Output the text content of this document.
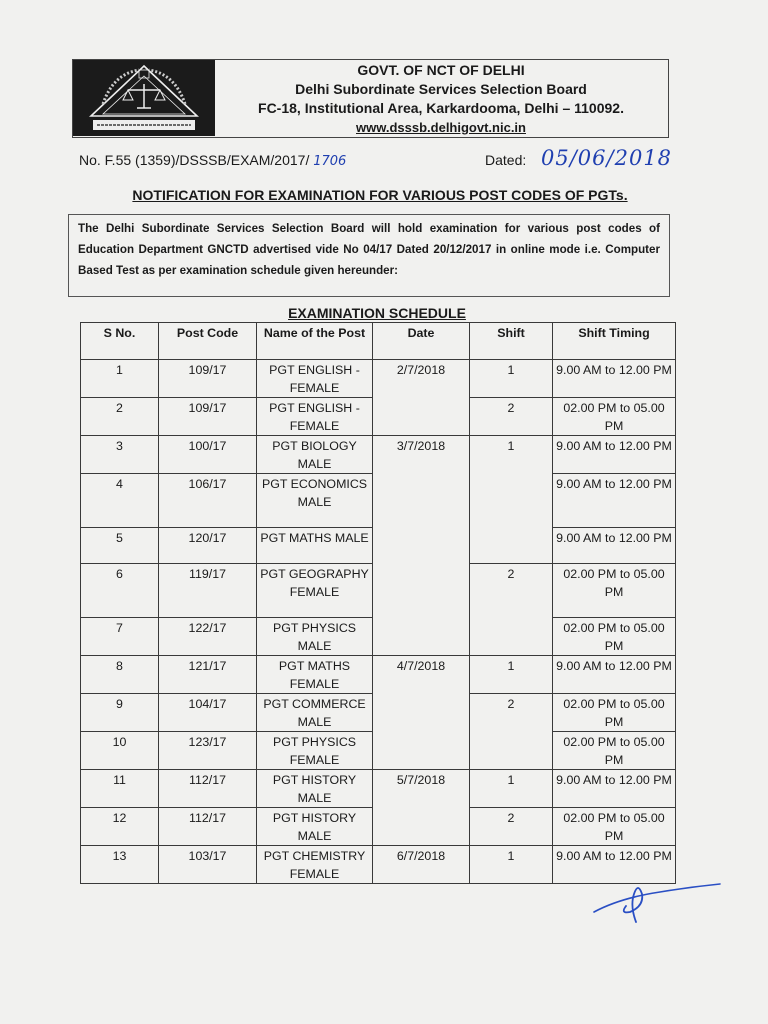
GOVT. OF NCT OF DELHI
Delhi Subordinate Services Selection Board
FC-18, Institutional Area, Karkardooma, Delhi – 110092.
www.dsssb.delhigovt.nic.in
No. F.55 (1359)/DSSSB/EXAM/2017/ 1706	Dated: 05/06/2018
NOTIFICATION FOR EXAMINATION FOR VARIOUS POST CODES OF PGTs.
The Delhi Subordinate Services Selection Board will hold examination for various post codes of Education Department GNCTD advertised vide No 04/17 Dated 20/12/2017 in online mode i.e. Computer Based Test as per examination schedule given hereunder:
EXAMINATION SCHEDULE
S No.	Post Code	Name of the Post	Date	Shift	Shift Timing
1	109/17	PGT ENGLISH - FEMALE	2/7/2018	1	9.00 AM to 12.00 PM
2	109/17	PGT ENGLISH - FEMALE		2	02.00 PM to 05.00 PM
3	100/17	PGT BIOLOGY MALE	3/7/2018	1	9.00 AM to 12.00 PM
4	106/17	PGT ECONOMICS MALE			9.00 AM to 12.00 PM
5	120/17	PGT MATHS MALE			9.00 AM to 12.00 PM
6	119/17	PGT GEOGRAPHY FEMALE		2	02.00 PM to 05.00 PM
7	122/17	PGT PHYSICS MALE			02.00 PM to 05.00 PM
8	121/17	PGT MATHS FEMALE	4/7/2018	1	9.00 AM to 12.00 PM
9	104/17	PGT COMMERCE MALE		2	02.00 PM to 05.00 PM
10	123/17	PGT PHYSICS FEMALE			02.00 PM to 05.00 PM
11	112/17	PGT HISTORY MALE	5/7/2018	1	9.00 AM to 12.00 PM
12	112/17	PGT HISTORY MALE		2	02.00 PM to 05.00 PM
13	103/17	PGT CHEMISTRY FEMALE	6/7/2018	1	9.00 AM to 12.00 PM
